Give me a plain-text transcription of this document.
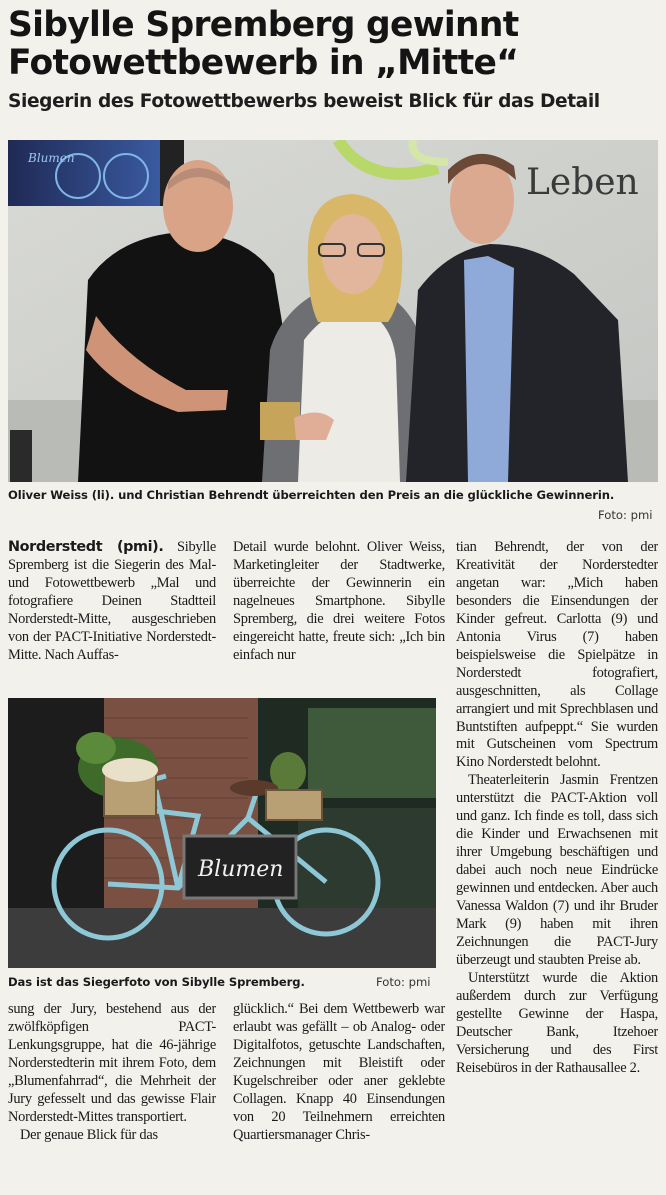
Sibylle Spremberg gewinnt
Fotowettbewerb in „Mitte“
Siegerin des Fotowettbewerbs beweist Blick für das Detail
Blumen
Leben
Oliver Weiss (li). und Christian Behrendt überreichten den Preis an die glückliche Gewinnerin.
Foto: pmi

Norderstedt (pmi). Sibylle Spremberg ist die Siegerin des Mal- und Fotowettbewerb „Mal und fotografiere Deinen Stadtteil Norderstedt-Mitte, ausgeschrieben von der PACT-Initiative Norderstedt-Mitte. Nach Auffas-

Detail wurde belohnt. Oliver Weiss, Marketingleiter der Stadtwerke, überreichte der Gewinnerin ein nagelneues Smartphone. Sibylle Spremberg, die drei weitere Fotos eingereicht hatte, freute sich: „Ich bin einfach nur

Blumen
Das ist das Siegerfoto von Sibylle Spremberg.	Foto: pmi

sung der Jury, bestehend aus der zwölfköpfigen PACT-Lenkungsgruppe, hat die 46-jährige Norderstedterin mit ihrem Foto, dem „Blumenfahrrad“, die Mehrheit der Jury gefesselt und das gewisse Flair Norderstedt-Mittes transportiert.

Der genaue Blick für das

glücklich.“ Bei dem Wettbewerb war erlaubt was gefällt – ob Analog- oder Digitalfotos, getuschte Landschaften, Zeichnungen mit Bleistift oder Kugelschreiber oder aner geklebte Collagen. Knapp 40 Einsendungen von 20 Teilnehmern erreichten Quartiersmanager Chris-

tian Behrendt, der von der Kreativität der Norderstedter angetan war: „Mich haben besonders die Einsendungen der Kinder gefreut. Carlotta (9) und Antonia Virus (7) haben beispielsweise die Spielpätze in Norderstedt fotografiert, ausgeschnitten, als Collage arrangiert und mit Sprechblasen und Buntstiften aufpeppt.“ Sie wurden mit Gutscheinen vom Spectrum Kino Norderstedt belohnt.

Theaterleiterin Jasmin Frentzen unterstützt die PACT-Aktion voll und ganz. Ich finde es toll, dass sich die Kinder und Erwachsenen mit ihrer Umgebung beschäftigen und dabei auch noch neue Eindrücke gewinnen und entdecken. Aber auch Vanessa Waldon (7) und ihr Bruder Mark (9) haben mit ihren Zeichnungen die PACT-Jury überzeugt und staubten Preise ab.

Unterstützt wurde die Aktion außerdem durch zur Verfügung gestellte Gewinne der Haspa, Deutscher Bank, Itzehoer Versicherung und des First Reisebüros in der Rathausallee 2.
